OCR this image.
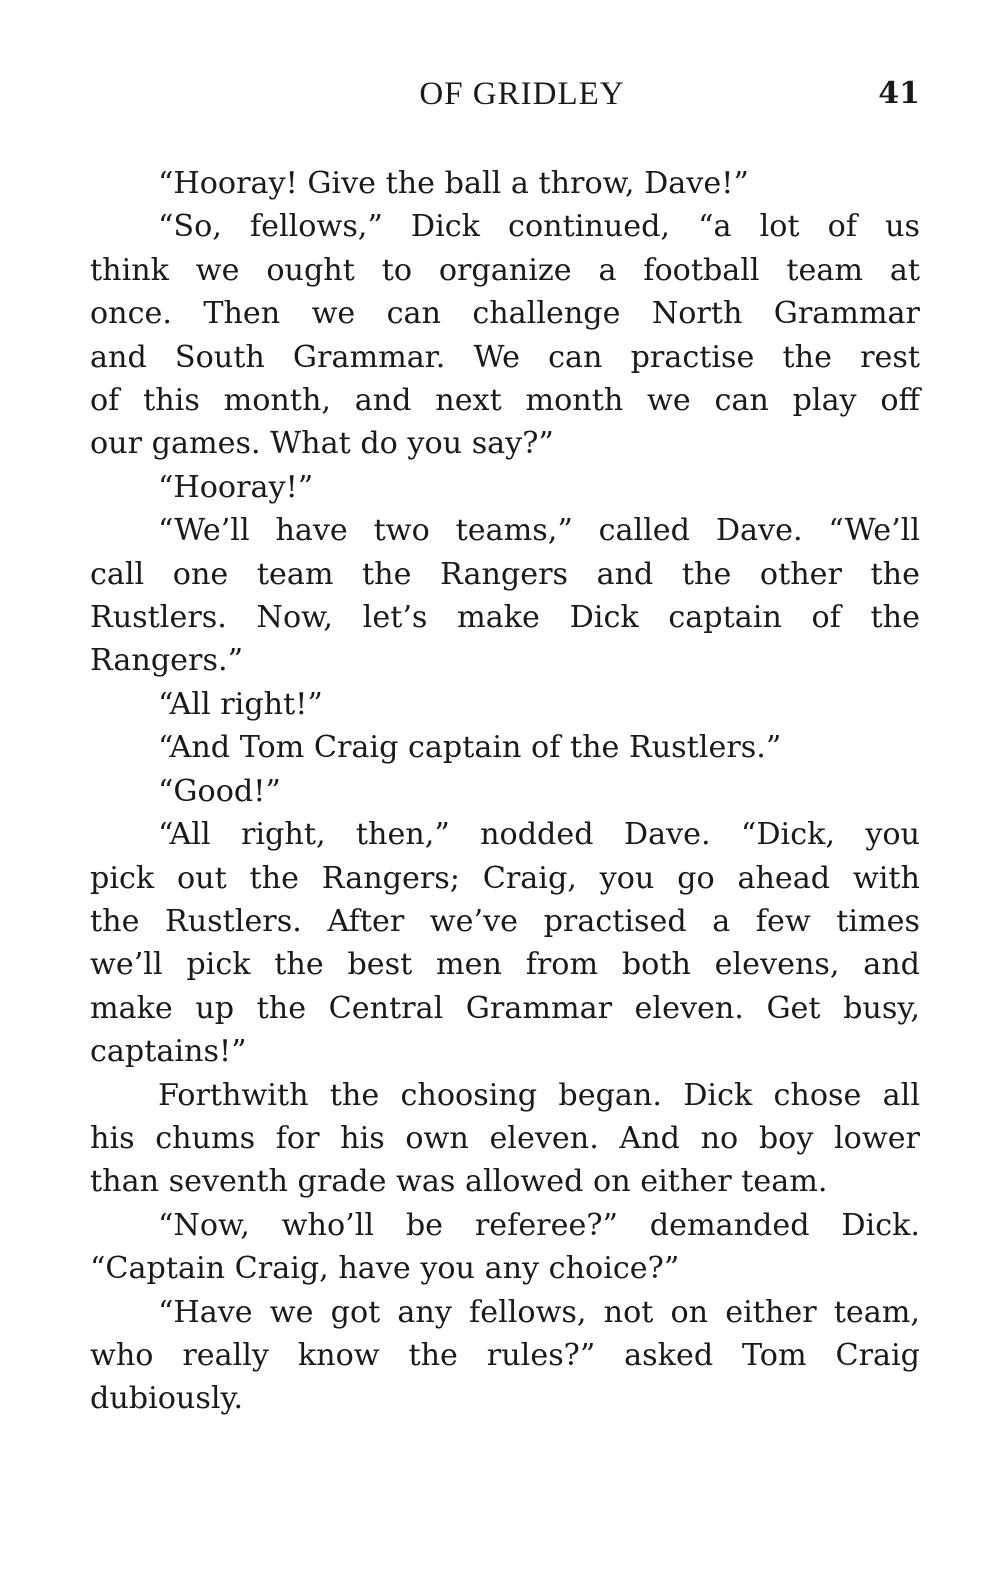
OF GRIDLEY	41

“Hooray! Give the ball a throw, Dave!”

“So, fellows,” Dick continued, “a lot of us
think we ought to organize a football team at
once. Then we can challenge North Grammar
and South Grammar. We can practise the rest
of this month, and next month we can play off
our games. What do you say?”

“Hooray!”

“We’ll have two teams,” called Dave. “We’ll
call one team the Rangers and the other the
Rustlers. Now, let’s make Dick captain of the
Rangers.”

“All right!”

“And Tom Craig captain of the Rustlers.”

“Good!”

“All right, then,” nodded Dave. “Dick, you
pick out the Rangers; Craig, you go ahead with
the Rustlers. After we’ve practised a few times
we’ll pick the best men from both elevens, and
make up the Central Grammar eleven. Get busy,
captains!”

Forthwith the choosing began. Dick chose all
his chums for his own eleven. And no boy lower
than seventh grade was allowed on either team.

“Now, who’ll be referee?” demanded Dick.
“Captain Craig, have you any choice?”

“Have we got any fellows, not on either team,
who really know the rules?” asked Tom Craig
dubiously.
